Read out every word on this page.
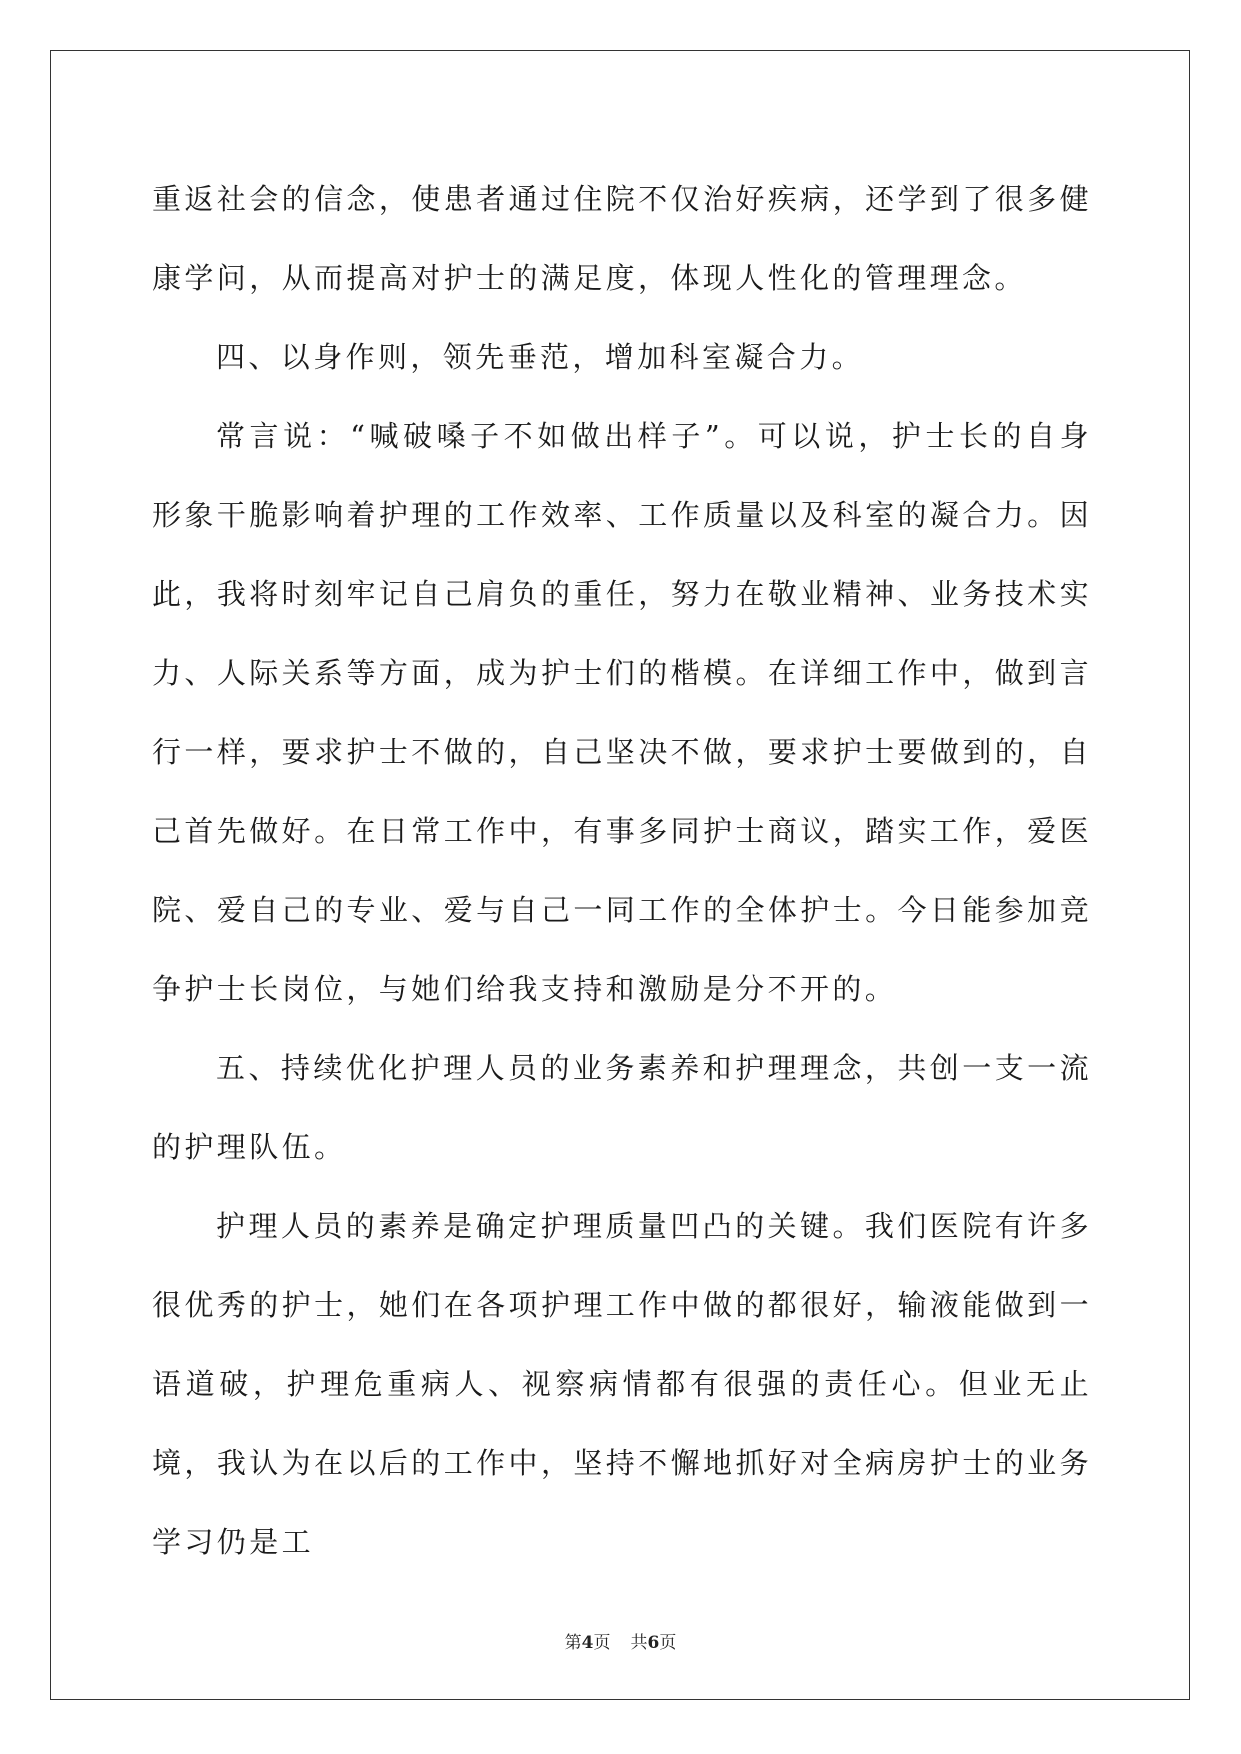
重返社会的信念，使患者通过住院不仅治好疾病，还学到了很多健康学问，从而提高对护士的满足度，体现人性化的管理理念。

四、以身作则，领先垂范，增加科室凝合力。

常言说：“喊破嗓子不如做出样子”。可以说，护士长的自身形象干脆影响着护理的工作效率、工作质量以及科室的凝合力。因此，我将时刻牢记自己肩负的重任，努力在敬业精神、业务技术实力、人际关系等方面，成为护士们的楷模。在详细工作中，做到言行一样，要求护士不做的，自己坚决不做，要求护士要做到的，自己首先做好。在日常工作中，有事多同护士商议，踏实工作，爱医院、爱自己的专业、爱与自己一同工作的全体护士。今日能参加竞争护士长岗位，与她们给我支持和激励是分不开的。

五、持续优化护理人员的业务素养和护理理念，共创一支一流的护理队伍。

护理人员的素养是确定护理质量凹凸的关键。我们医院有许多很优秀的护士，她们在各项护理工作中做的都很好，输液能做到一语道破，护理危重病人、视察病情都有很强的责任心。但业无止境，我认为在以后的工作中，坚持不懈地抓好对全病房护士的业务学习仍是工

第4页 共6页
